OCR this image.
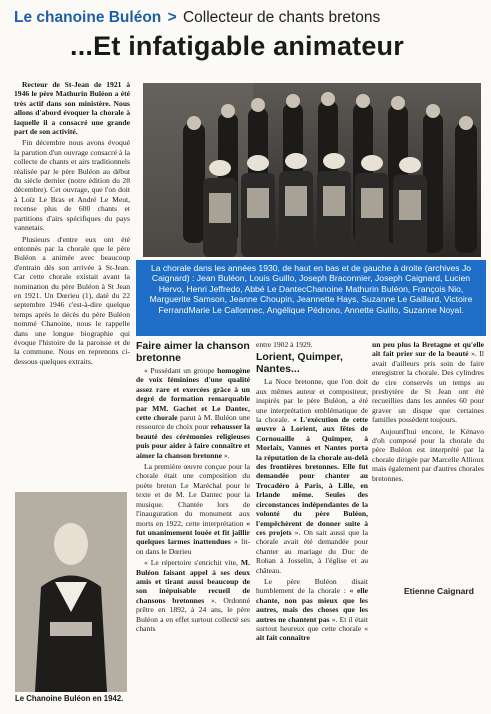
Le chanoine Buléon > Collecteur de chants bretons
...Et infatigable animateur

Recteur de St-Jean de 1921 à 1946 le père Mathurin Buléon a été très actif dans son ministère. Nous allons d'abord évoquer la chorale à laquelle il a consacré une grande part de son activité.

Fin décembre nous avons évoqué la parution d'un ouvrage consacré à la collecte de chants et airs traditionnels réalisée par le père Buléon au début du siècle dernier (notre édition du 28 décembre). Cet ouvrage, que l'on doit à Loïz Le Bras et André Le Meut, recense plus de 600 chants et partitions d'airs spécifiques du pays vannetais.

Plusieurs d'entre eux ont été entonnés par la chorale que le père Buléon a animée avec beaucoup d'entrain dès son arrivée à St-Jean. Car cette chorale existait avant la nomination du père Buléon à St Jean en 1921. Un Dœrieu (1), daté du 22 septembre 1946 c'est-à-dire quelque temps après le décès du père Buléon nommé Chanoine, nous le rappelle dans une longue biographie qui évoque l'histoire de la paroisse et de la commune. Nous en reprenons ci-dessous quelques extraits.

La chorale dans les années 1930, de haut en bas et de gauche à droite (archives Jo Caignard) : Jean Buléon, Louis Guillo, Joseph Braconnier, Joseph Caignard, Lucien Hervo, Henri Jeffredo, Abbé Le DantecChanoine Mathurin Buléon, François Nio, Marguerite Samson, Jeanne Choupin, Jeannette Hays, Suzanne Le Gaillard, Victoire FerrandMarie Le Callonnec, Angélique Pédrono, Annette Guillo, Suzanne Noyal.

Faire aimer la chanson bretonne

« Possédant un groupe homogène de voix féminines d'une qualité assez rare et exercées grâce à un degré de formation remarquable par MM. Gachet et Le Dantec, cette chorale parut à M. Buléon une ressource de choix pour rehausser la beauté des cérémonies religieuses puis pour aider à faire connaître et aimer la chanson bretonne ».

La première œuvre conçue pour la chorale était une composition du poète breton Le Maréchal pour le texte et de M. Le Dantec pour la musique. Chantée lors de l'inauguration du monument aux morts en 1922, cette interprétation « fut unanimement louée et fit jaillir quelques larmes inattendues » lit-on dans le Dœrieu

« Le répertoire s'enrichit vite, M. Buléon faisant appel à ses deux amis et tirant aussi beaucoup de son inépuisable recueil de chansons bretonnes ». Ordonné prêtre en 1892, à 24 ans, le père Buléon a en effet surtout collecté ses chants

entre 1902 à 1929.

Lorient, Quimper, Nantes...

La Noce bretonne, que l'on doit aux mêmes auteur et compositeur, inspirés par le père Buléon, a été une interprétation emblématique de la chorale. « L'exécution de cette œuvre à Lorient, aux fêtes de Cornouaille à Quimper, à Morlaix, Vannes et Nantes porta la réputation de la chorale au-delà des frontières bretonnes. Elle fut demandée pour chanter au Trocadéro à Paris, à Lille, en Irlande même. Seules des circonstances indépendantes de la volonté du père Buléon, l'empêchèrent de donner suite à ces projets ». On sait aussi que la chorale avait été demandée pour chanter au mariage du Duc de Rohan à Josselin, à l'église et au château.

Le père Buléon disait humblement de la chorale : « elle chante, non pas mieux que les autres, mais des choses que les autres ne chantent pas ». Et il était surtout heureux que cette chorale « ait fait connaître

un peu plus la Bretagne et qu'elle ait fait prier sur de la beauté ». Il avait d'ailleurs pris soin de faire enregistrer la chorale. Des cylindres de cire conservés un temps au presbytère de St Jean ont été recueillies dans les années 60 pour graver un disque que certaines familles possèdent toujours.

Aujourd'hui encore, le Kénavo d'oh composé pour la chorale du père Buléon est interprété par la chorale dirigée par Marcelle Allioux mais également par d'autres chorales bretonnes.

Etienne Caignard
Le Chanoine Buléon en 1942.
